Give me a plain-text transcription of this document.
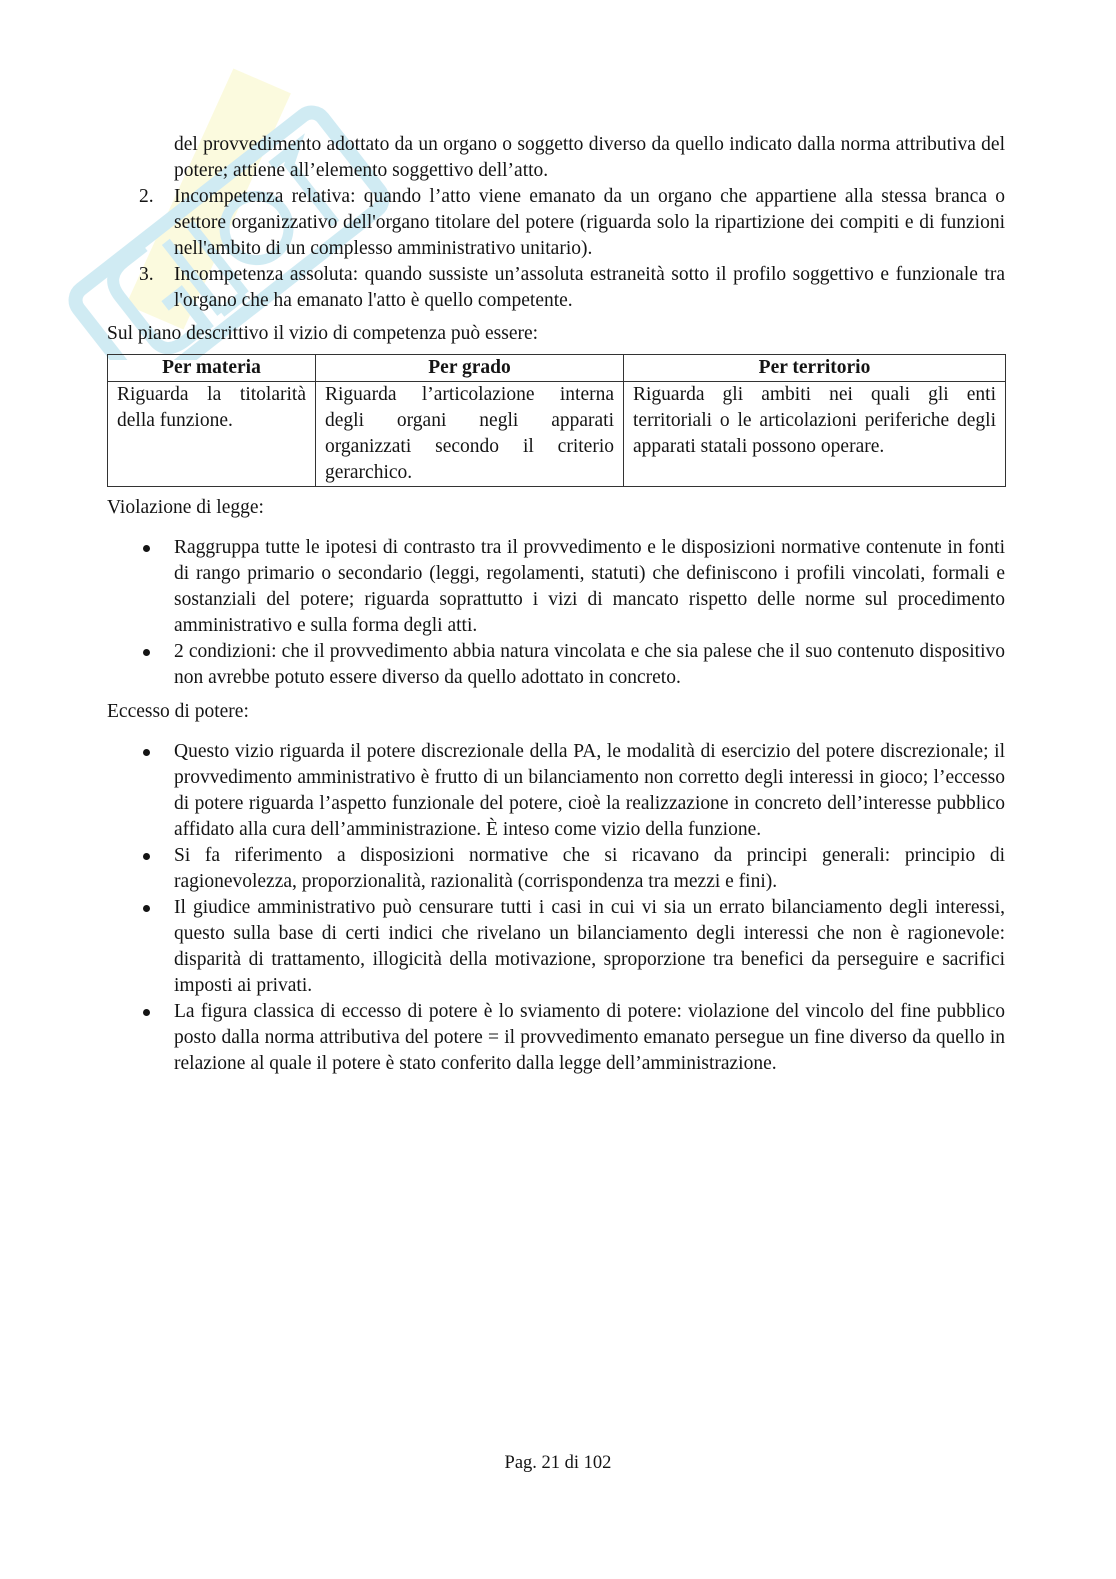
del provvedimento adottato da un organo o soggetto diverso da quello indicato dalla norma attributiva del potere; attiene all’elemento soggettivo dell’atto.

2. Incompetenza relativa: quando l’atto viene emanato da un organo che appartiene alla stessa branca o settore organizzativo dell'organo titolare del potere (riguarda solo la ripartizione dei compiti e di funzioni nell'ambito di un complesso amministrativo unitario).
3. Incompetenza assoluta: quando sussiste un’assoluta estraneità sotto il profilo soggettivo e funzionale tra l'organo che ha emanato l'atto è quello competente.

Sul piano descrittivo il vizio di competenza può essere:

Per materia	Per grado	Per territorio
Riguarda la titolarità della funzione.	Riguarda l’articolazione interna degli organi negli apparati organizzati secondo il criterio gerarchico.	Riguarda gli ambiti nei quali gli enti territoriali o le articolazioni periferiche degli apparati statali possono operare.

Violazione di legge:

Raggruppa tutte le ipotesi di contrasto tra il provvedimento e le disposizioni normative contenute in fonti di rango primario o secondario (leggi, regolamenti, statuti) che definiscono i profili vincolati, formali e sostanziali del potere; riguarda soprattutto i vizi di mancato rispetto delle norme sul procedimento amministrativo e sulla forma degli atti.
2 condizioni: che il provvedimento abbia natura vincolata e che sia palese che il suo contenuto dispositivo non avrebbe potuto essere diverso da quello adottato in concreto.

Eccesso di potere:

Questo vizio riguarda il potere discrezionale della PA, le modalità di esercizio del potere discrezionale; il provvedimento amministrativo è frutto di un bilanciamento non corretto degli interessi in gioco; l’eccesso di potere riguarda l’aspetto funzionale del potere, cioè la realizzazione in concreto dell’interesse pubblico affidato alla cura dell’amministrazione. È inteso come vizio della funzione.
Si fa riferimento a disposizioni normative che si ricavano da principi generali: principio di ragionevolezza, proporzionalità, razionalità (corrispondenza tra mezzi e fini).
Il giudice amministrativo può censurare tutti i casi in cui vi sia un errato bilanciamento degli interessi, questo sulla base di certi indici che rivelano un bilanciamento degli interessi che non è ragionevole: disparità di trattamento, illogicità della motivazione, sproporzione tra benefici da perseguire e sacrifici imposti ai privati.
La figura classica di eccesso di potere è lo sviamento di potere: violazione del vincolo del fine pubblico posto dalla norma attributiva del potere = il provvedimento emanato persegue un fine diverso da quello in relazione al quale il potere è stato conferito dalla legge dell’amministrazione.
Pag. 21 di 102
